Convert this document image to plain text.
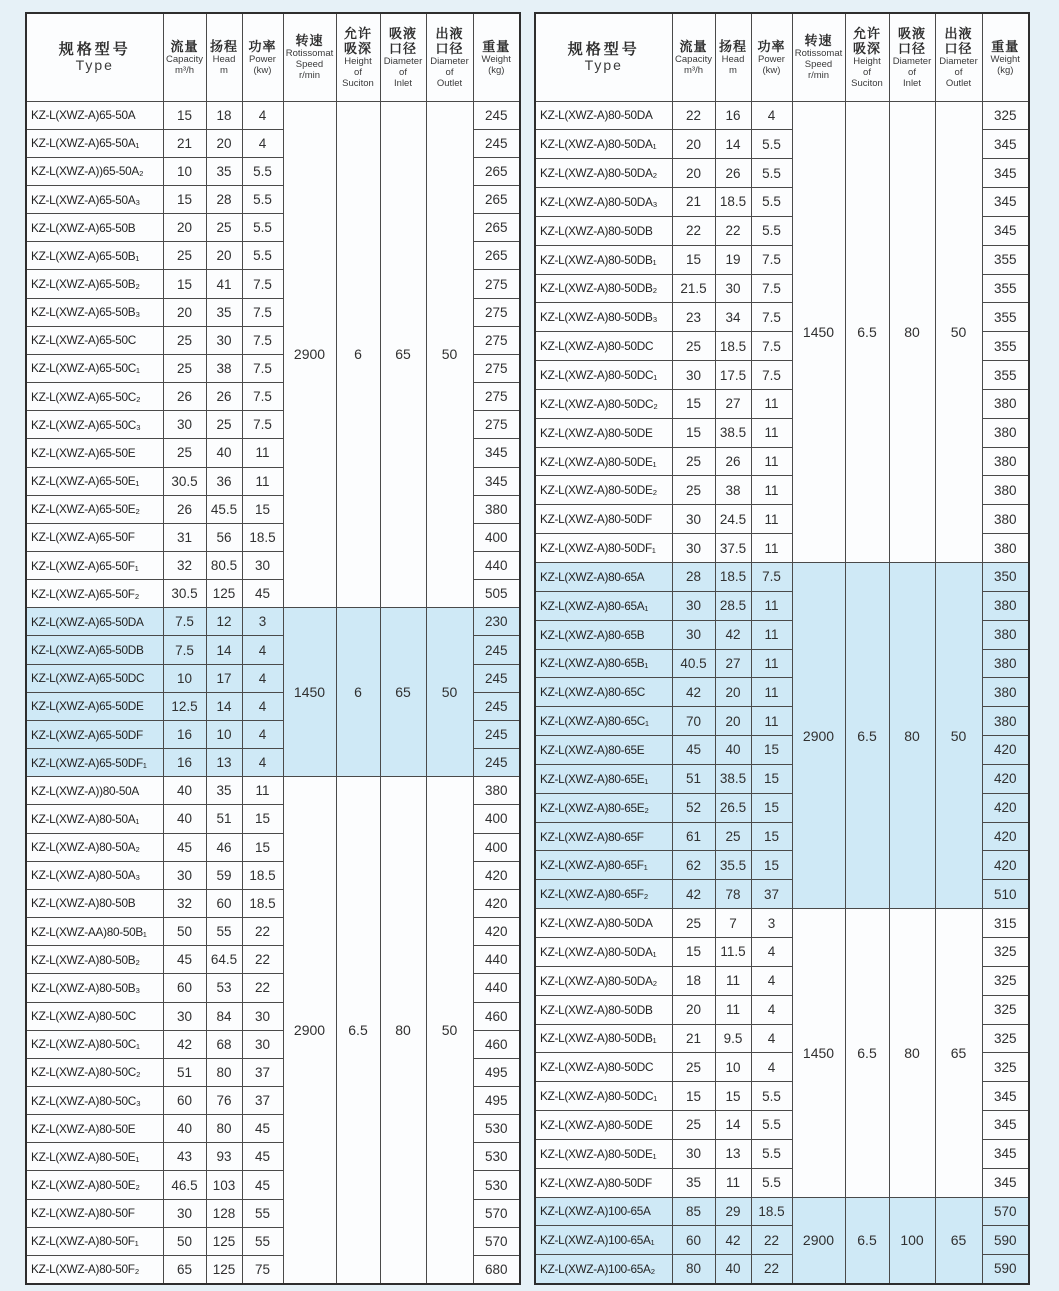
规格型号
Type

流量
Capacity
m³/h

扬程
Head
m

功率
Power
(kw)

转速
Rotissomat
Speed
r/min

允许
吸深
Height
of
Suciton

吸液
口径
Diameter
of
Inlet

出液
口径
Diameter
of
Outlet

重量
Weight
(kg)

KZ-L(XWZ-A)65-50A	15	18	4	2900	6	65	50	245
KZ-L(XWZ-A)65-50A₁	21	20	4					245
KZ-L(XWZ-A))65-50A₂	10	35	5.5					265
KZ-L(XWZ-A)65-50A₃	15	28	5.5					265
KZ-L(XWZ-A)65-50B	20	25	5.5					265
KZ-L(XWZ-A)65-50B₁	25	20	5.5					265
KZ-L(XWZ-A)65-50B₂	15	41	7.5					275
KZ-L(XWZ-A)65-50B₃	20	35	7.5					275
KZ-L(XWZ-A)65-50C	25	30	7.5					275
KZ-L(XWZ-A)65-50C₁	25	38	7.5					275
KZ-L(XWZ-A)65-50C₂	26	26	7.5					275
KZ-L(XWZ-A)65-50C₃	30	25	7.5					275
KZ-L(XWZ-A)65-50E	25	40	11					345
KZ-L(XWZ-A)65-50E₁	30.5	36	11					345
KZ-L(XWZ-A)65-50E₂	26	45.5	15					380
KZ-L(XWZ-A)65-50F	31	56	18.5					400
KZ-L(XWZ-A)65-50F₁	32	80.5	30					440
KZ-L(XWZ-A)65-50F₂	30.5	125	45					505
KZ-L(XWZ-A)65-50DA	7.5	12	3	1450	6	65	50	230
KZ-L(XWZ-A)65-50DB	7.5	14	4					245
KZ-L(XWZ-A)65-50DC	10	17	4					245
KZ-L(XWZ-A)65-50DE	12.5	14	4					245
KZ-L(XWZ-A)65-50DF	16	10	4					245
KZ-L(XWZ-A)65-50DF₁	16	13	4					245
KZ-L(XWZ-A))80-50A	40	35	11	2900	6.5	80	50	380
KZ-L(XWZ-A)80-50A₁	40	51	15					400
KZ-L(XWZ-A)80-50A₂	45	46	15					400
KZ-L(XWZ-A)80-50A₃	30	59	18.5					420
KZ-L(XWZ-A)80-50B	32	60	18.5					420
KZ-L(XWZ-AA)80-50B₁	50	55	22					420
KZ-L(XWZ-A)80-50B₂	45	64.5	22					440
KZ-L(XWZ-A)80-50B₃	60	53	22					440
KZ-L(XWZ-A)80-50C	30	84	30					460
KZ-L(XWZ-A)80-50C₁	42	68	30					460
KZ-L(XWZ-A)80-50C₂	51	80	37					495
KZ-L(XWZ-A)80-50C₃	60	76	37					495
KZ-L(XWZ-A)80-50E	40	80	45					530
KZ-L(XWZ-A)80-50E₁	43	93	45					530
KZ-L(XWZ-A)80-50E₂	46.5	103	45					530
KZ-L(XWZ-A)80-50F	30	128	55					570
KZ-L(XWZ-A)80-50F₁	50	125	55					570
KZ-L(XWZ-A)80-50F₂	65	125	75					680
规格型号
Type

流量
Capacity
m³/h

扬程
Head
m

功率
Power
(kw)

转速
Rotissomat
Speed
r/min

允许
吸深
Height
of
Suciton

吸液
口径
Diameter
of
Inlet

出液
口径
Diameter
of
Outlet

重量
Weight
(kg)

KZ-L(XWZ-A)80-50DA	22	16	4	1450	6.5	80	50	325
KZ-L(XWZ-A)80-50DA₁	20	14	5.5					345
KZ-L(XWZ-A)80-50DA₂	20	26	5.5					345
KZ-L(XWZ-A)80-50DA₃	21	18.5	5.5					345
KZ-L(XWZ-A)80-50DB	22	22	5.5					345
KZ-L(XWZ-A)80-50DB₁	15	19	7.5					355
KZ-L(XWZ-A)80-50DB₂	21.5	30	7.5					355
KZ-L(XWZ-A)80-50DB₃	23	34	7.5					355
KZ-L(XWZ-A)80-50DC	25	18.5	7.5					355
KZ-L(XWZ-A)80-50DC₁	30	17.5	7.5					355
KZ-L(XWZ-A)80-50DC₂	15	27	11					380
KZ-L(XWZ-A)80-50DE	15	38.5	11					380
KZ-L(XWZ-A)80-50DE₁	25	26	11					380
KZ-L(XWZ-A)80-50DE₂	25	38	11					380
KZ-L(XWZ-A)80-50DF	30	24.5	11					380
KZ-L(XWZ-A)80-50DF₁	30	37.5	11					380
KZ-L(XWZ-A)80-65A	28	18.5	7.5	2900	6.5	80	50	350
KZ-L(XWZ-A)80-65A₁	30	28.5	11					380
KZ-L(XWZ-A)80-65B	30	42	11					380
KZ-L(XWZ-A)80-65B₁	40.5	27	11					380
KZ-L(XWZ-A)80-65C	42	20	11					380
KZ-L(XWZ-A)80-65C₁	70	20	11					380
KZ-L(XWZ-A)80-65E	45	40	15					420
KZ-L(XWZ-A)80-65E₁	51	38.5	15					420
KZ-L(XWZ-A)80-65E₂	52	26.5	15					420
KZ-L(XWZ-A)80-65F	61	25	15					420
KZ-L(XWZ-A)80-65F₁	62	35.5	15					420
KZ-L(XWZ-A)80-65F₂	42	78	37					510
KZ-L(XWZ-A)80-50DA	25	7	3	1450	6.5	80	65	315
KZ-L(XWZ-A)80-50DA₁	15	11.5	4					325
KZ-L(XWZ-A)80-50DA₂	18	11	4					325
KZ-L(XWZ-A)80-50DB	20	11	4					325
KZ-L(XWZ-A)80-50DB₁	21	9.5	4					325
KZ-L(XWZ-A)80-50DC	25	10	4					325
KZ-L(XWZ-A)80-50DC₁	15	15	5.5					345
KZ-L(XWZ-A)80-50DE	25	14	5.5					345
KZ-L(XWZ-A)80-50DE₁	30	13	5.5					345
KZ-L(XWZ-A)80-50DF	35	11	5.5					345
KZ-L(XWZ-A)100-65A	85	29	18.5	2900	6.5	100	65	570
KZ-L(XWZ-A)100-65A₁	60	42	22					590
KZ-L(XWZ-A)100-65A₂	80	40	22					590
